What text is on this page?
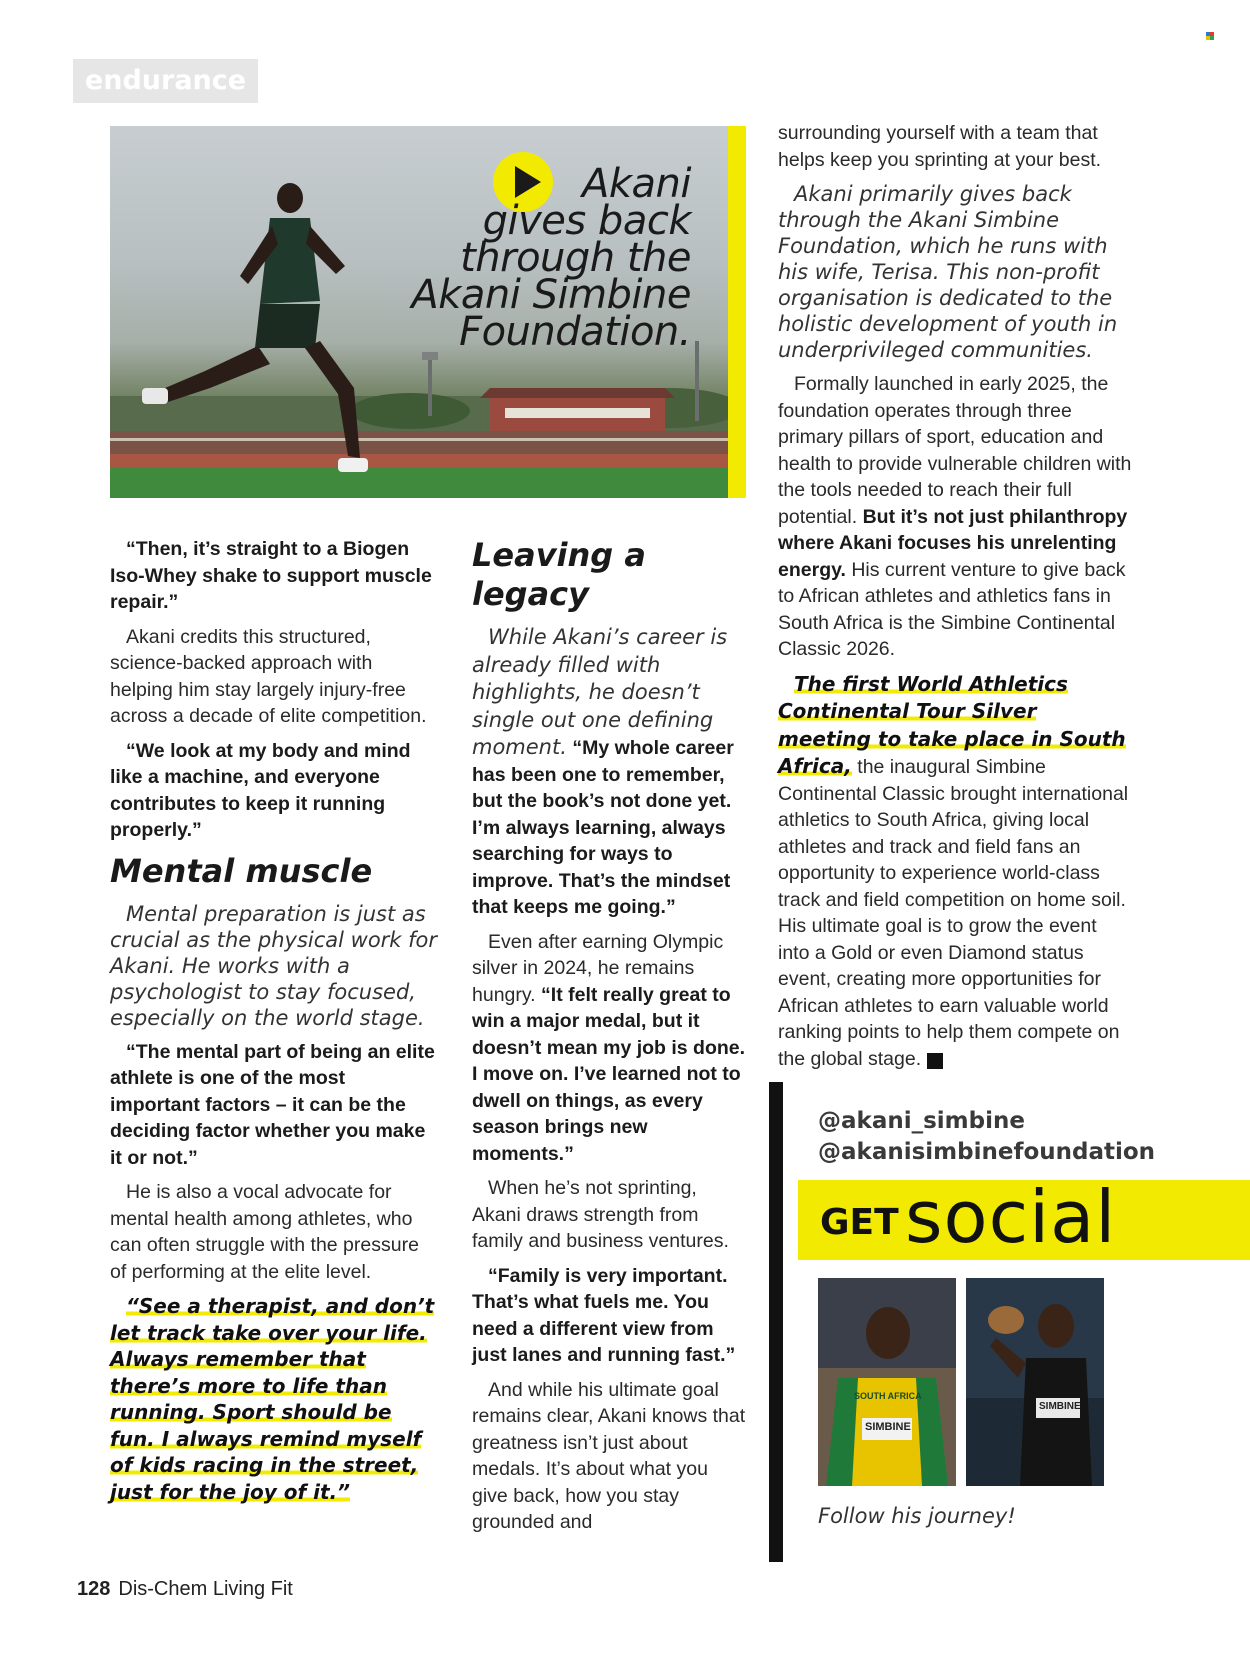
endurance
Akani
gives back
through the
Akani Simbine
Foundation.

“Then, it’s straight to a Biogen Iso-Whey shake to support muscle repair.”

Akani credits this structured, science-backed approach with helping him stay largely injury-free across a decade of elite competition.

“We look at my body and mind like a machine, and everyone contributes to keep it running properly.”

Mental muscle

Mental preparation is just as crucial as the physical work for Akani. He works with a psychologist to stay focused, especially on the world stage.

“The mental part of being an elite athlete is one of the most important factors – it can be the deciding factor whether you make it or not.”

He is also a vocal advocate for mental health among athletes, who can often struggle with the pressure of performing at the elite level.

“See a therapist, and don’t let track take over your life. Always remember that there’s more to life than running. Sport should be fun. I always remind myself of kids racing in the street, just for the joy of it.”

Leaving a legacy

While Akani’s career is already filled with highlights, he doesn’t single out one defining moment. “My whole career has been one to remember, but the book’s not done yet. I’m always learning, always searching for ways to improve. That’s the mindset that keeps me going.”

Even after earning Olympic silver in 2024, he remains hungry. “It felt really great to win a major medal, but it doesn’t mean my job is done. I move on. I’ve learned not to dwell on things, as every season brings new moments.”

When he’s not sprinting, Akani draws strength from family and business ventures.

“Family is very important. That’s what fuels me. You need a different view from just lanes and running fast.”

And while his ultimate goal remains clear, Akani knows that greatness isn’t just about medals. It’s about what you give back, how you stay grounded and

surrounding yourself with a team that helps keep you sprinting at your best.

Akani primarily gives back through the Akani Simbine Foundation, which he runs with his wife, Terisa. This non-profit organisation is dedicated to the holistic development of youth in underprivileged communities.

Formally launched in early 2025, the foundation operates through three primary pillars of sport, education and health to provide vulnerable children with the tools needed to reach their full potential. But it’s not just philanthropy where Akani focuses his unrelenting energy. His current venture to give back to African athletes and athletics fans in South Africa is the Simbine Continental Classic 2026.

The first World Athletics Continental Tour Silver meeting to take place in South Africa, the inaugural Simbine Continental Classic brought international athletics to South Africa, giving local athletes and track and field fans an opportunity to experience world-class track and field competition on home soil. His ultimate goal is to grow the event into a Gold or even Diamond status event, creating more opportunities for African athletes to earn valuable world ranking points to help them compete on the global stage. LF

@akani_simbine
@akanisimbinefoundation
GET social
SIMBINE
SOUTH AFRICA
SIMBINE
Follow his journey!
128 Dis-Chem Living Fit
